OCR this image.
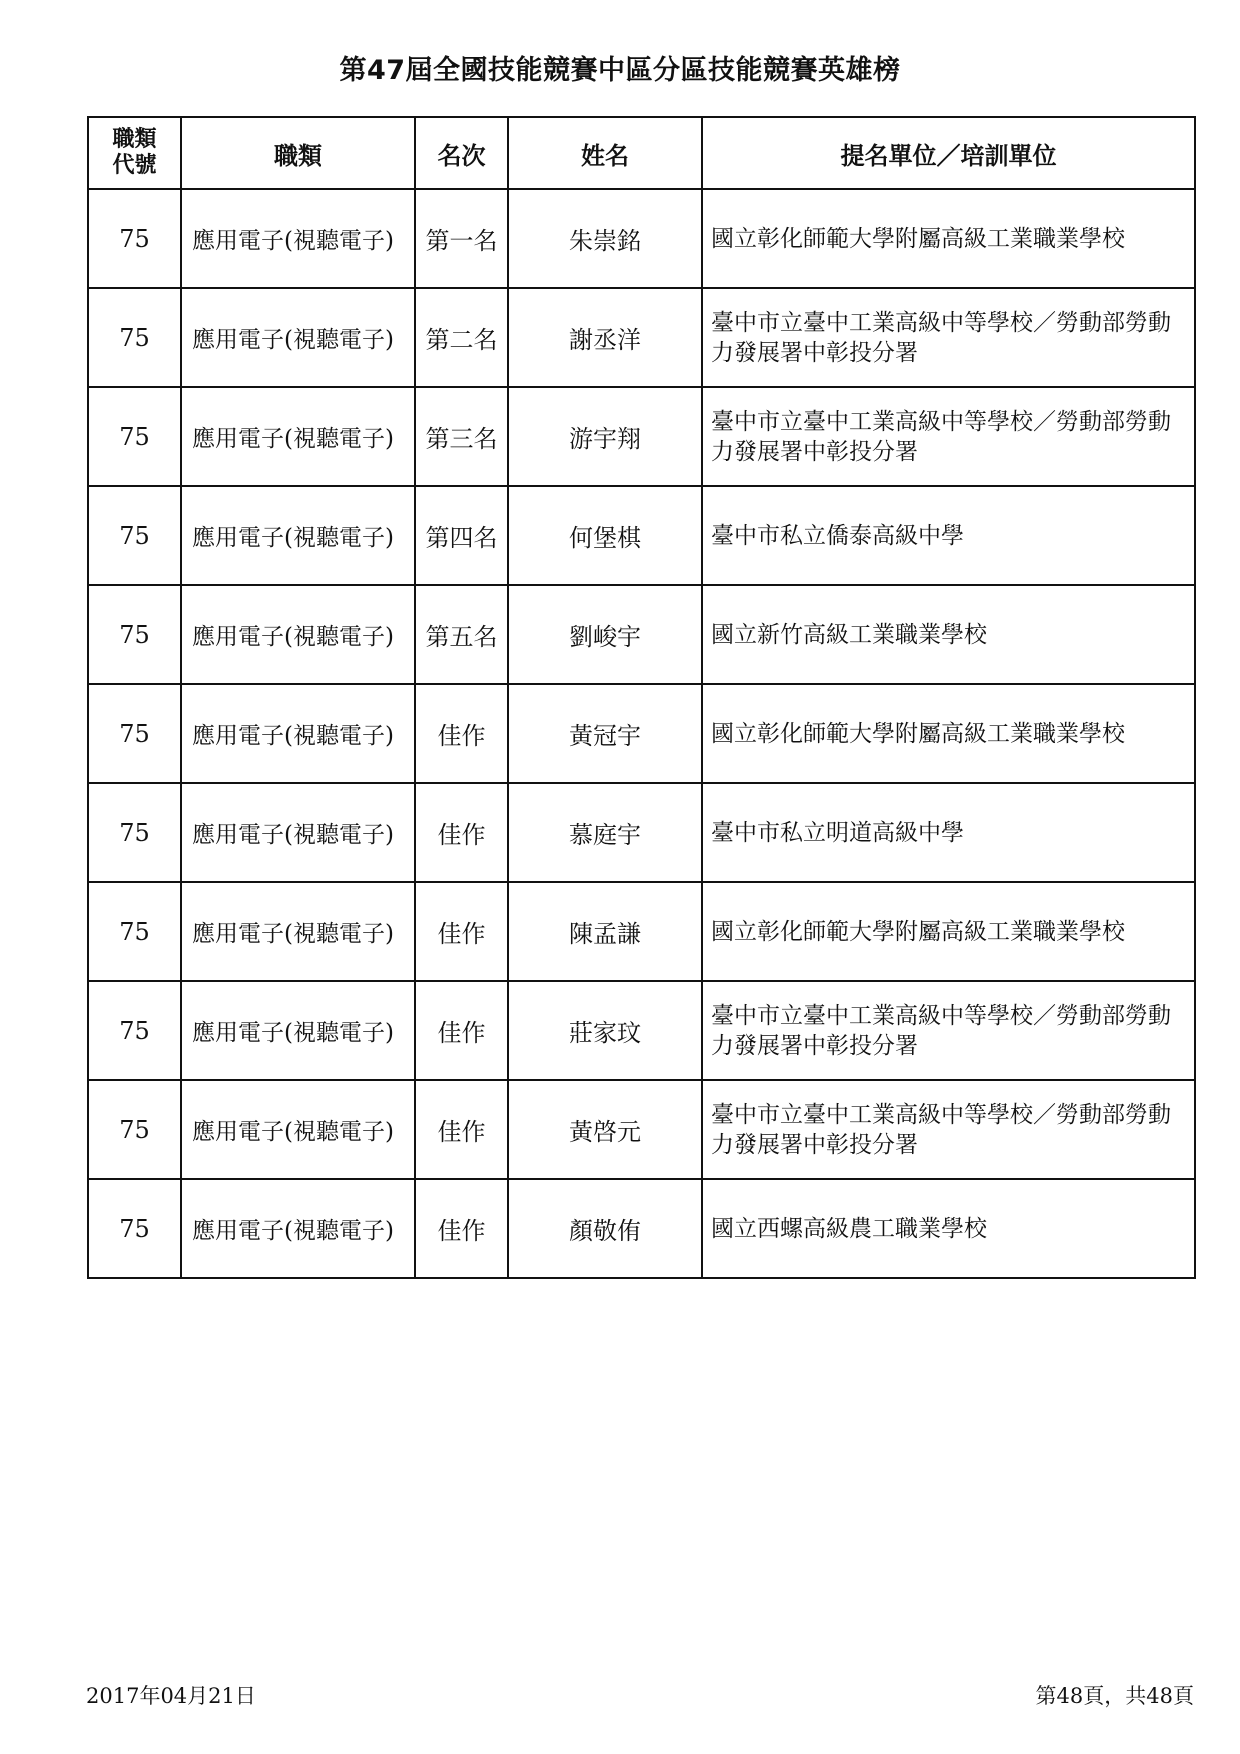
第47屆全國技能競賽中區分區技能競賽英雄榜
職類
代號	職類	名次	姓名	提名單位／培訓單位
75	應用電子(視聽電子)	第一名	朱崇銘	國立彰化師範大學附屬高級工業職業學校
75	應用電子(視聽電子)	第二名	謝丞洋	臺中市立臺中工業高級中等學校／勞動部勞動力發展署中彰投分署
75	應用電子(視聽電子)	第三名	游宇翔	臺中市立臺中工業高級中等學校／勞動部勞動力發展署中彰投分署
75	應用電子(視聽電子)	第四名	何堡棋	臺中市私立僑泰高級中學
75	應用電子(視聽電子)	第五名	劉峻宇	國立新竹高級工業職業學校
75	應用電子(視聽電子)	佳作	黃冠宇	國立彰化師範大學附屬高級工業職業學校
75	應用電子(視聽電子)	佳作	慕庭宇	臺中市私立明道高級中學
75	應用電子(視聽電子)	佳作	陳孟謙	國立彰化師範大學附屬高級工業職業學校
75	應用電子(視聽電子)	佳作	莊家玟	臺中市立臺中工業高級中等學校／勞動部勞動力發展署中彰投分署
75	應用電子(視聽電子)	佳作	黃啓元	臺中市立臺中工業高級中等學校／勞動部勞動力發展署中彰投分署
75	應用電子(視聽電子)	佳作	顏敬侑	國立西螺高級農工職業學校
2017年04月21日	第48頁，共48頁
